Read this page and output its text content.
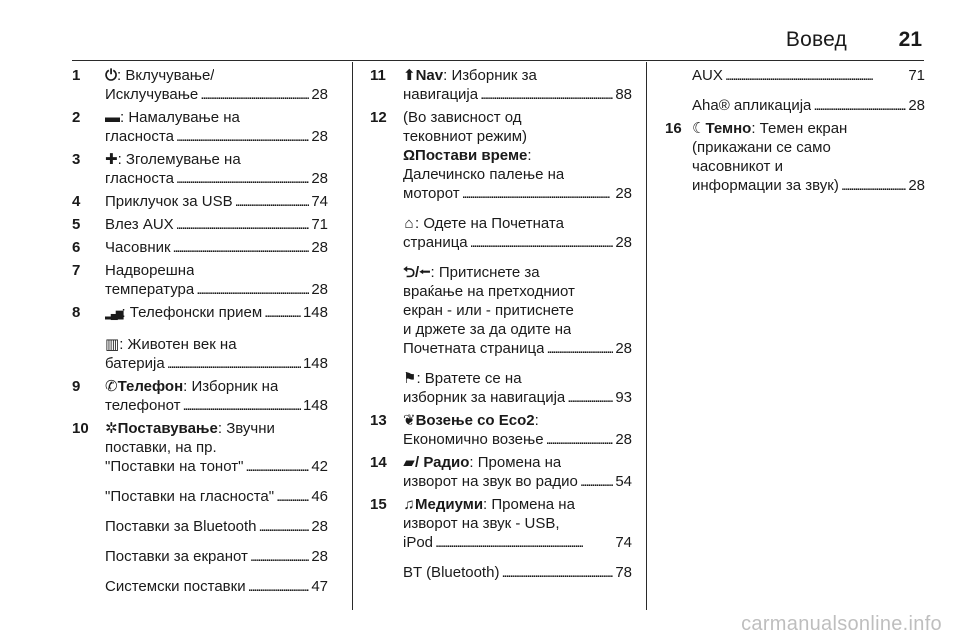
Вовед 21
1	⏻: Вклучување/
Исклучување . . .	28
2	▬: Намалување на
гласноста . . .	28
3	✚: Зголемување на
гласноста . . .	28
4	Приклучок за USB . . .	74
5	Влез AUX . . .	71
6	Часовник . . .	28
7	Надворешна
температура . . .	28
8	▂▄▆: Телефонски прием . . .	148
▥: Животен век на
батерија . . .	148
9	✆Телефон: Изборник на
телефонот . . .	148
10	✲Поставување: Звучни
поставки, на пр.
"Поставки на тонот" . . .	42
"Поставки на гласноста" . . . 46
Поставки за Bluetooth . . .	28
Поставки за екранот . . .	28
Системски поставки . . .	47
11	⬆Nav: Изборник за
навигација . . .	88
12	(Во зависност од
тековниот режим)
ΩПостави време:
Далечинско палење на
моторот . . .	28
⌂: Одете на Почетната
страница . . .	28
⮌/⭠: Притиснете за
враќање на претходниот
екран - или - притиснете
и држете за да одите на
Почетната страница . . .	28
⚑: Вратете се на
изборник за навигација . . .	93
13	❦Возење со Eco2:
Економично возење . . .	28
14	▰/ Радио: Промена на
изворот на звук во радио . . .	54
15	♫Медиуми: Промена на
изворот на звук - USB,
iPod . . .	74
BT (Bluetooth) . . .	78
AUX . . .	71
Aha® апликација . . .	28
16 ☾Темно: Темен екран
(прикажани се само
часовникот и
информации за звук) . . .	28
carmanualsonline.info
